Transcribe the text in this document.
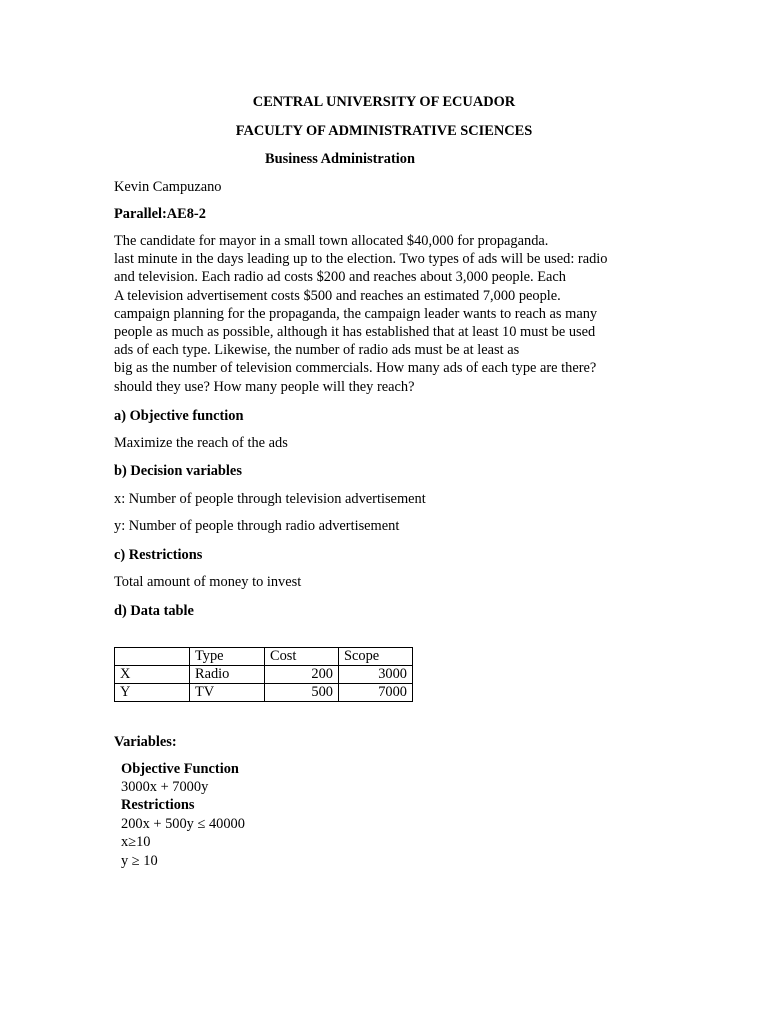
CENTRAL UNIVERSITY OF ECUADOR
FACULTY OF ADMINISTRATIVE SCIENCES
Business Administration
Kevin Campuzano
Parallel:AE8-2
The candidate for mayor in a small town allocated $40,000 for propaganda.
last minute in the days leading up to the election. Two types of ads will be used: radio
and television. Each radio ad costs $200 and reaches about 3,000 people. Each
A television advertisement costs $500 and reaches an estimated 7,000 people.
campaign planning for the propaganda, the campaign leader wants to reach as many
people as much as possible, although it has established that at least 10 must be used
ads of each type. Likewise, the number of radio ads must be at least as
big as the number of television commercials. How many ads of each type are there?
should they use? How many people will they reach?
a) Objective function
Maximize the reach of the ads
b) Decision variables
x: Number of people through television advertisement
y: Number of people through radio advertisement
c) Restrictions
Total amount of money to invest
d) Data table
	Type	Cost	Scope
X	Radio	200	3000
Y	TV	500	7000
Variables:
Objective Function
3000x + 7000y
Restrictions
200x + 500y ≤ 40000
x≥10
y ≥ 10
